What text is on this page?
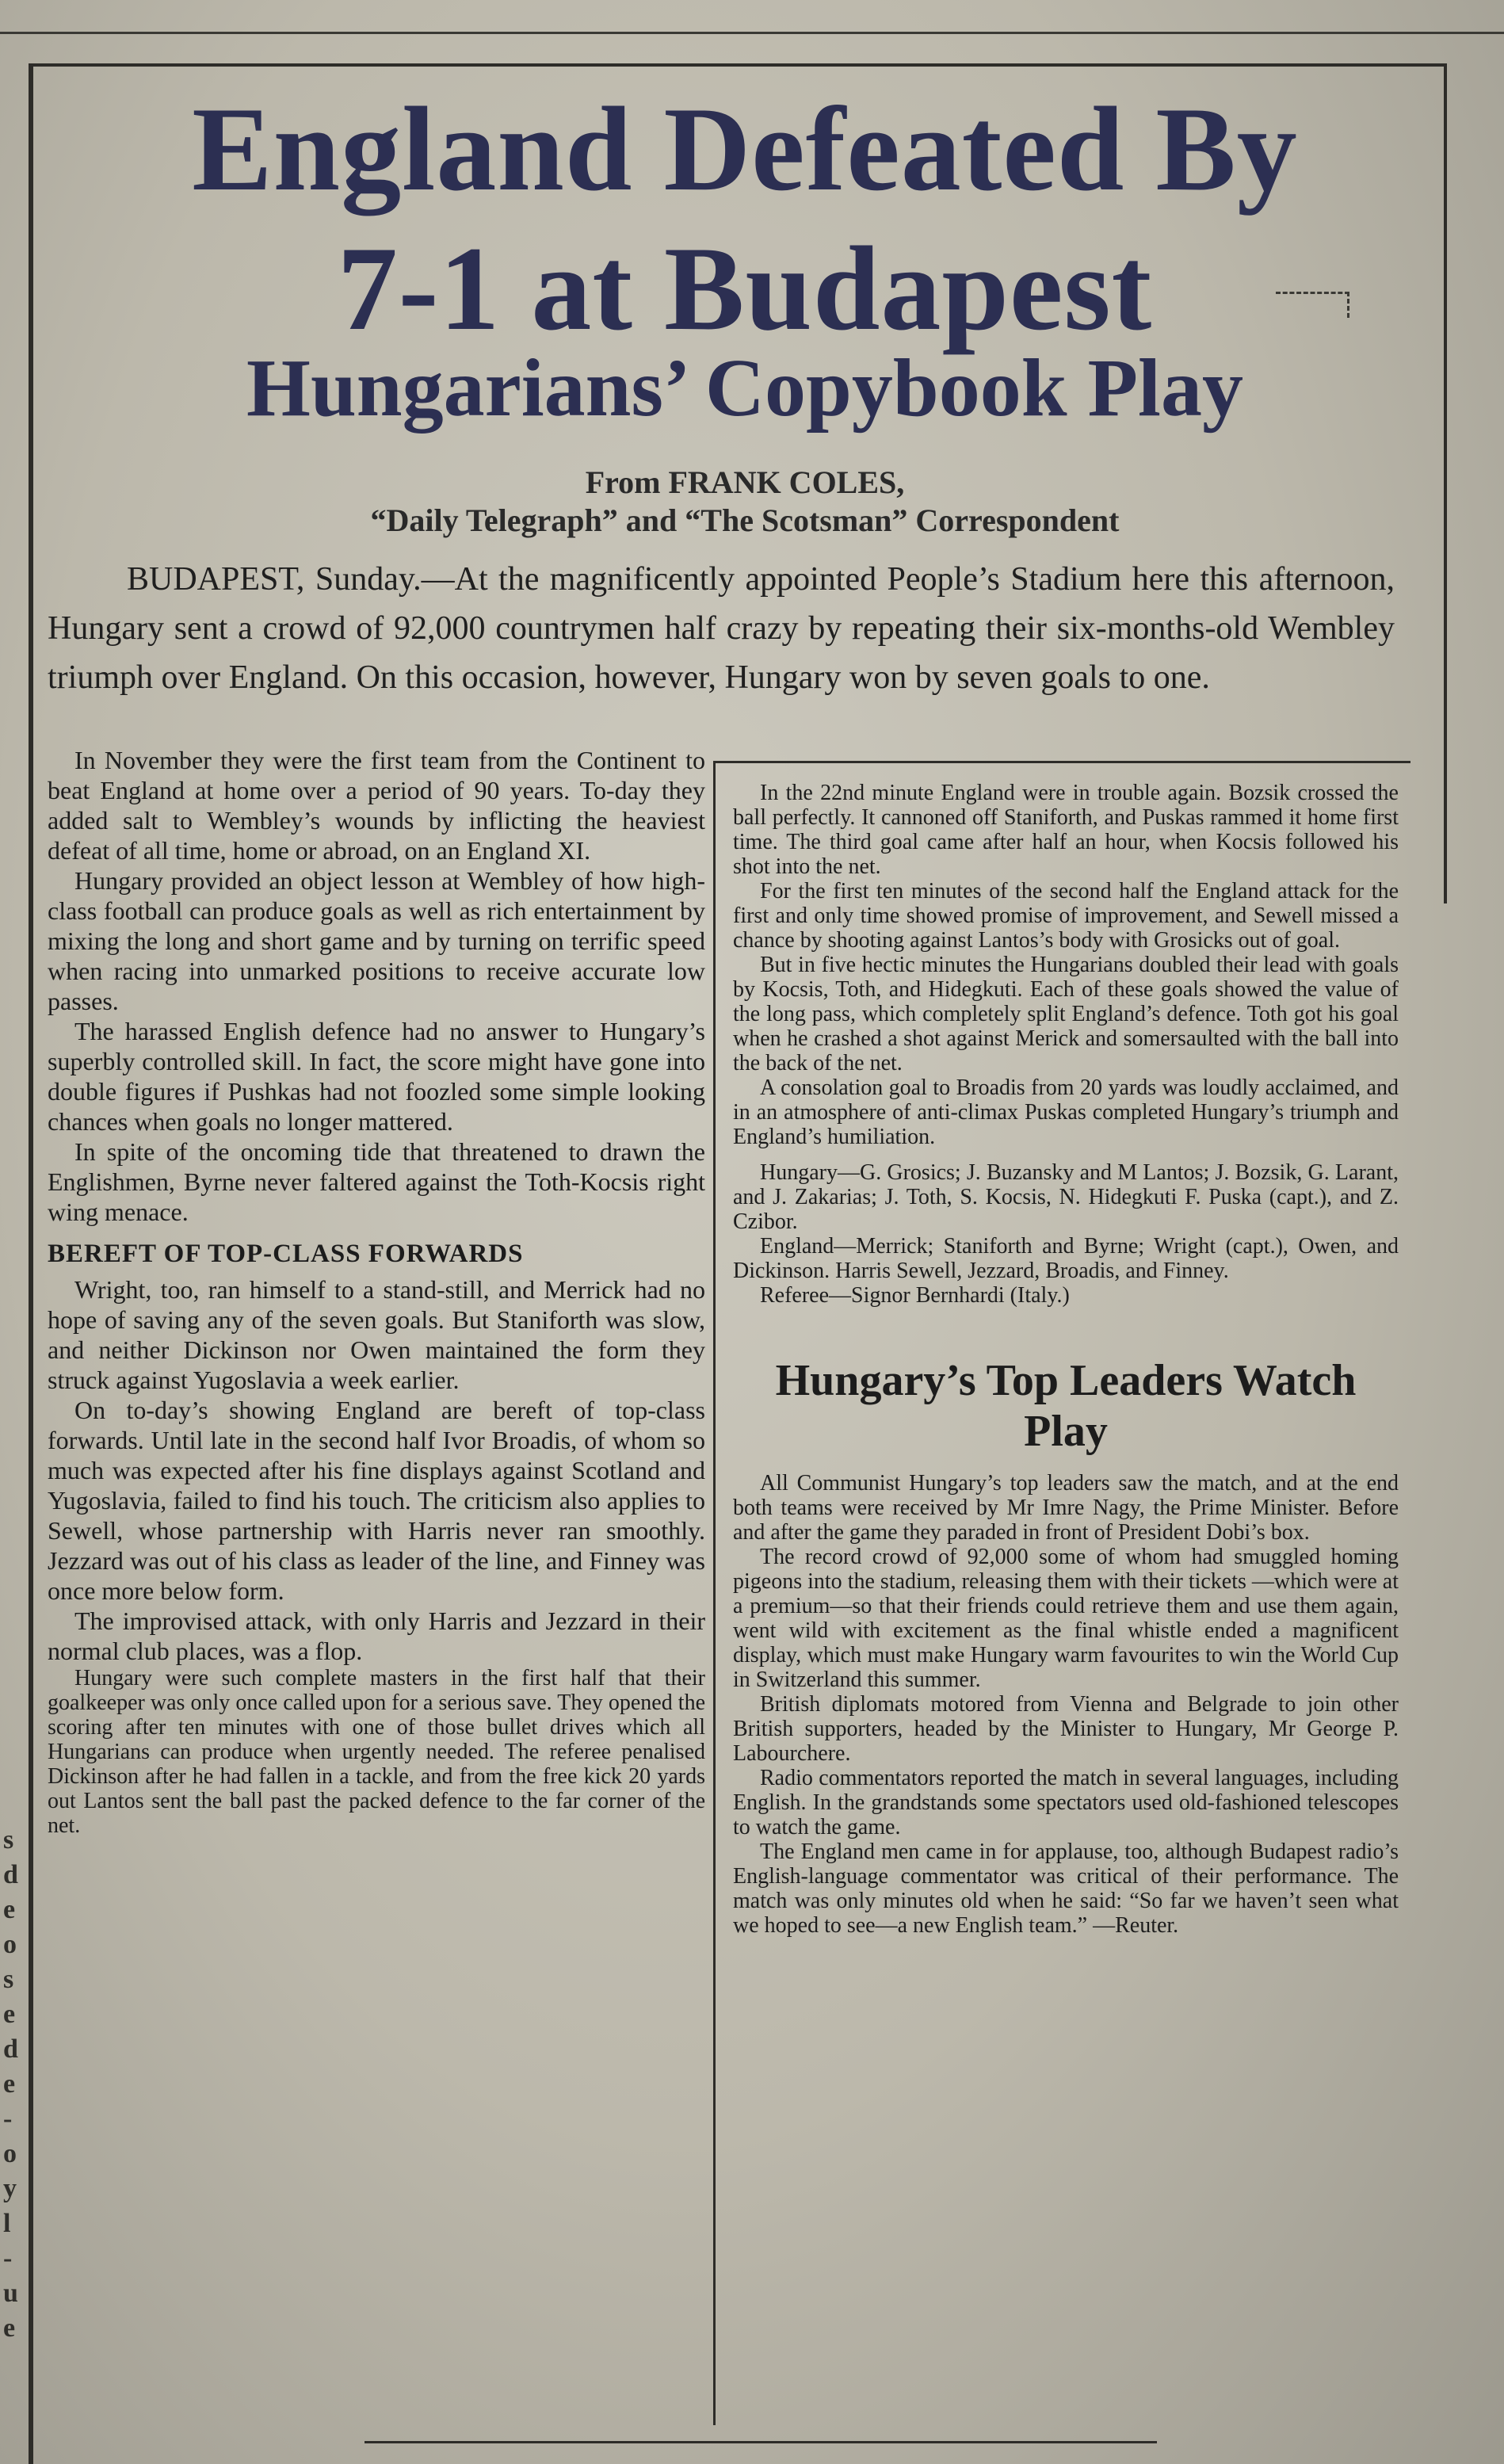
s
d
e
o
s
e
d
e
-
o
y
l
-
u
e
England Defeated By
7-1 at Budapest
Hungarians’ Copybook Play
From FRANK COLES,
“Daily Telegraph” and “The Scotsman” Correspondent
BUDAPEST, Sunday.—At the magnificently appointed People’s Stadium here this afternoon, Hungary sent a crowd of 92,000 countrymen half crazy by repeating their six-months-old Wembley triumph over England. On this occasion, however, Hungary won by seven goals to one.

In November they were the first team from the Continent to beat England at home over a period of 90 years. To-day they added salt to Wembley’s wounds by inflicting the heaviest defeat of all time, home or abroad, on an England XI.

Hungary provided an object lesson at Wembley of how high-class football can produce goals as well as rich entertainment by mixing the long and short game and by turning on terrific speed when racing into unmarked positions to receive accurate low passes.

The harassed English defence had no answer to Hungary’s superbly controlled skill. In fact, the score might have gone into double figures if Pushkas had not foozled some simple looking chances when goals no longer mattered.

In spite of the oncoming tide that threatened to drawn the Englishmen, Byrne never faltered against the Toth-Kocsis right wing menace.

BEREFT OF TOP-CLASS FORWARDS

Wright, too, ran himself to a stand-still, and Merrick had no hope of saving any of the seven goals. But Staniforth was slow, and neither Dickinson nor Owen maintained the form they struck against Yugoslavia a week earlier.

On to-day’s showing England are bereft of top-class forwards. Until late in the second half Ivor Broadis, of whom so much was expected after his fine displays against Scotland and Yugoslavia, failed to find his touch. The criticism also applies to Sewell, whose partnership with Harris never ran smoothly. Jezzard was out of his class as leader of the line, and Finney was once more below form.

The improvised attack, with only Harris and Jezzard in their normal club places, was a flop.

Hungary were such complete masters in the first half that their goalkeeper was only once called upon for a serious save. They opened the scoring after ten minutes with one of those bullet drives which all Hungarians can produce when urgently needed. The referee penalised Dickinson after he had fallen in a tackle, and from the free kick 20 yards out Lantos sent the ball past the packed defence to the far corner of the net.

In the 22nd minute England were in trouble again. Bozsik crossed the ball perfectly. It cannoned off Staniforth, and Puskas rammed it home first time. The third goal came after half an hour, when Kocsis followed his shot into the net.

For the first ten minutes of the second half the England attack for the first and only time showed promise of improvement, and Sewell missed a chance by shooting against Lantos’s body with Grosicks out of goal.

But in five hectic minutes the Hungarians doubled their lead with goals by Kocsis, Toth, and Hidegkuti. Each of these goals showed the value of the long pass, which completely split England’s defence. Toth got his goal when he crashed a shot against Merick and somersaulted with the ball into the back of the net.

A consolation goal to Broadis from 20 yards was loudly acclaimed, and in an atmosphere of anti-climax Puskas completed Hungary’s triumph and England’s humiliation.

Hungary—G. Grosics; J. Buzansky and M Lantos; J. Bozsik, G. Larant, and J. Zakarias; J. Toth, S. Kocsis, N. Hidegkuti F. Puska (capt.), and Z. Czibor.

England—Merrick; Staniforth and Byrne; Wright (capt.), Owen, and Dickinson. Harris Sewell, Jezzard, Broadis, and Finney.

Referee—Signor Bernhardi (Italy.)

Hungary’s Top Leaders Watch Play

All Communist Hungary’s top leaders saw the match, and at the end both teams were received by Mr Imre Nagy, the Prime Minister. Before and after the game they paraded in front of President Dobi’s box.

The record crowd of 92,000 some of whom had smuggled homing pigeons into the stadium, releasing them with their tickets —which were at a premium—so that their friends could retrieve them and use them again, went wild with excitement as the final whistle ended a magnificent display, which must make Hungary warm favourites to win the World Cup in Switzerland this summer.

British diplomats motored from Vienna and Belgrade to join other British supporters, headed by the Minister to Hungary, Mr George P. Labourchere.

Radio commentators reported the match in several languages, including English. In the grandstands some spectators used old-fashioned telescopes to watch the game.

The England men came in for applause, too, although Budapest radio’s English-language commentator was critical of their performance. The match was only minutes old when he said: “So far we haven’t seen what we hoped to see—a new English team.” —Reuter.
